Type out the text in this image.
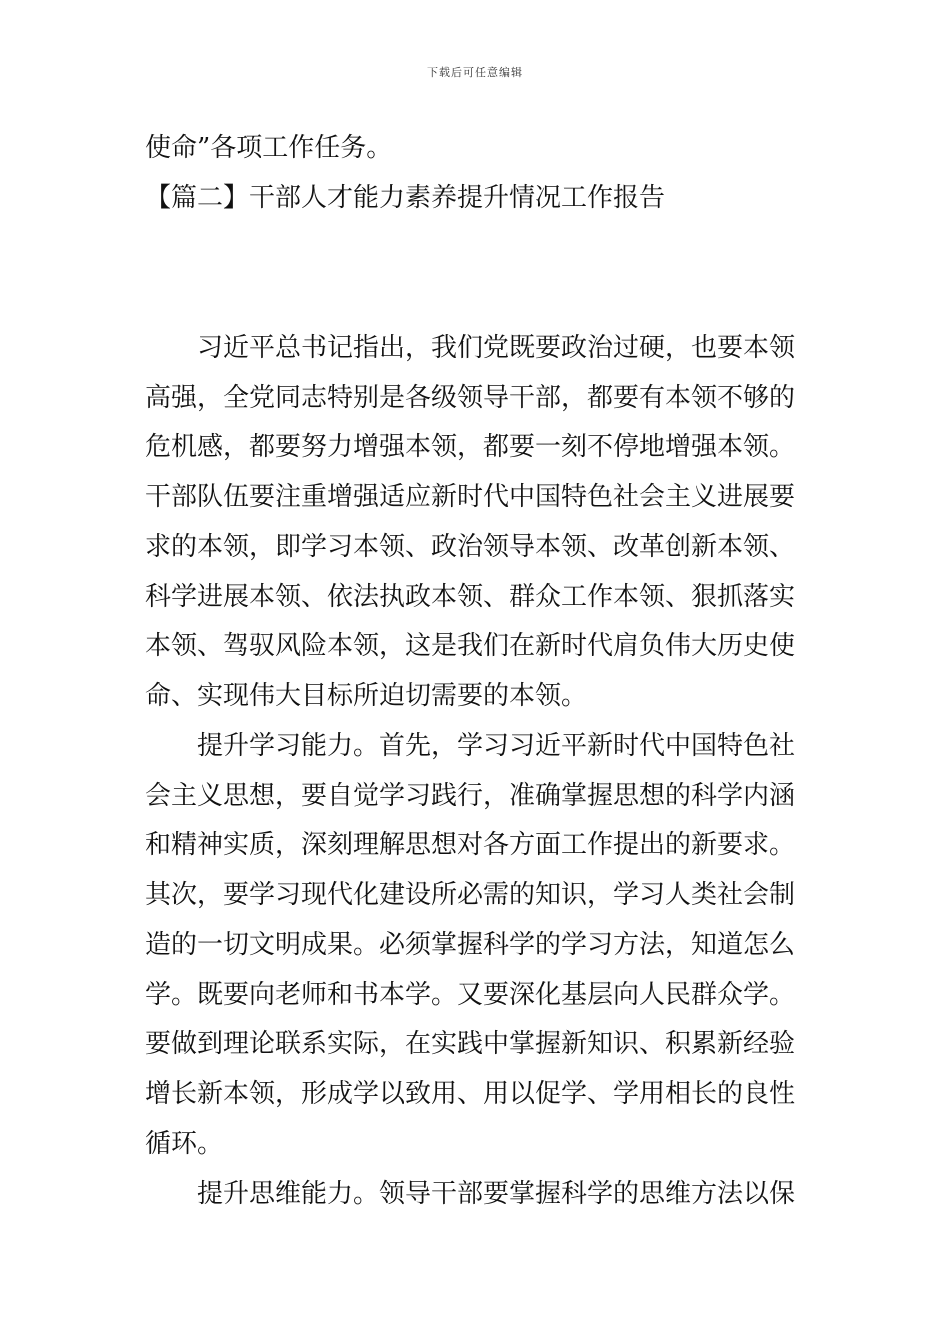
下载后可任意编辑
使命”各项工作任务。
【篇二】干部人才能力素养提升情况工作报告
习近平总书记指出，我们党既要政治过硬，也要本领
高强，全党同志特别是各级领导干部，都要有本领不够的
危机感，都要努力增强本领，都要一刻不停地增强本领。
干部队伍要注重增强适应新时代中国特色社会主义进展要
求的本领，即学习本领、政治领导本领、改革创新本领、
科学进展本领、依法执政本领、群众工作本领、狠抓落实
本领、驾驭风险本领，这是我们在新时代肩负伟大历史使
命、实现伟大目标所迫切需要的本领。
提升学习能力。首先，学习习近平新时代中国特色社
会主义思想，要自觉学习践行，准确掌握思想的科学内涵
和精神实质，深刻理解思想对各方面工作提出的新要求。
其次，要学习现代化建设所必需的知识，学习人类社会制
造的一切文明成果。必须掌握科学的学习方法，知道怎么
学。既要向老师和书本学。又要深化基层向人民群众学。
要做到理论联系实际，在实践中掌握新知识、积累新经验
增长新本领，形成学以致用、用以促学、学用相长的良性
循环。
提升思维能力。领导干部要掌握科学的思维方法以保
